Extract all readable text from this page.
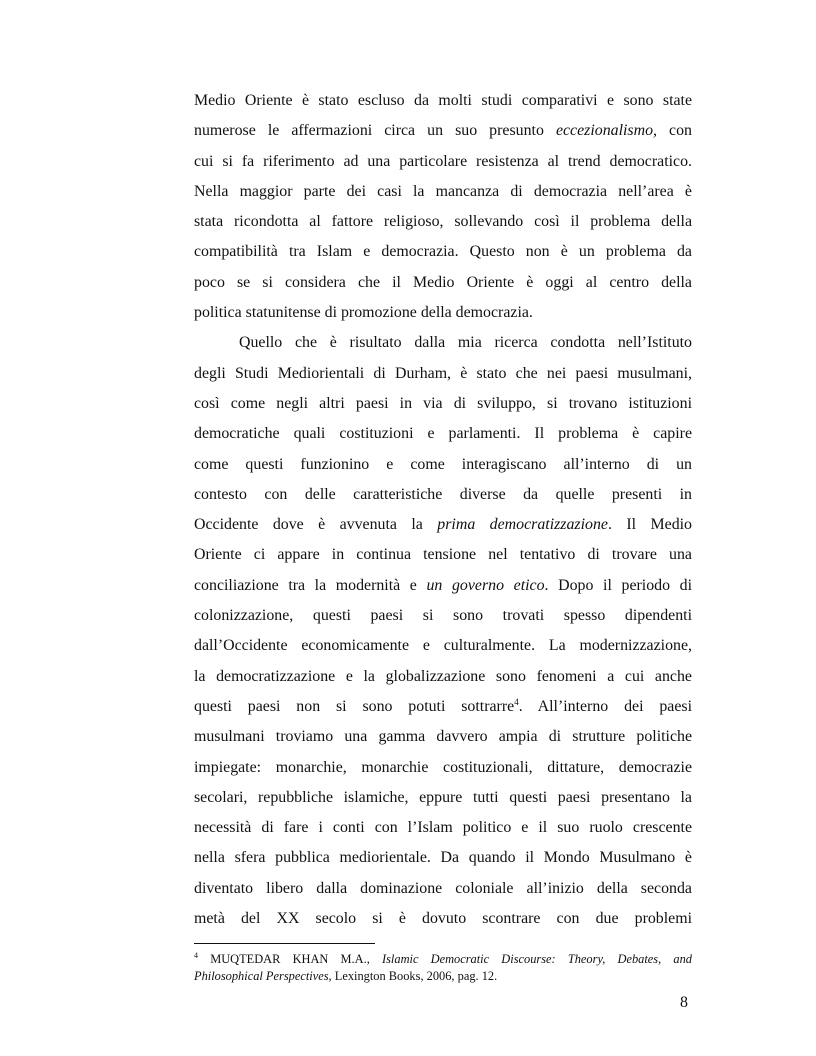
Medio Oriente è stato escluso da molti studi comparativi e sono state
numerose le affermazioni circa un suo presunto eccezionalismo, con
cui si fa riferimento ad una particolare resistenza al trend democratico.
Nella maggior parte dei casi la mancanza di democrazia nell’area è
stata ricondotta al fattore religioso, sollevando così il problema della
compatibilità tra Islam e democrazia. Questo non è un problema da
poco se si considera che il Medio Oriente è oggi al centro della
politica statunitense di promozione della democrazia.
Quello che è risultato dalla mia ricerca condotta nell’Istituto
degli Studi Mediorientali di Durham, è stato che nei paesi musulmani,
così come negli altri paesi in via di sviluppo, si trovano istituzioni
democratiche quali costituzioni e parlamenti. Il problema è capire
come questi funzionino e come interagiscano all’interno di un
contesto con delle caratteristiche diverse da quelle presenti in
Occidente dove è avvenuta la prima democratizzazione. Il Medio
Oriente ci appare in continua tensione nel tentativo di trovare una
conciliazione tra la modernità e un governo etico. Dopo il periodo di
colonizzazione, questi paesi si sono trovati spesso dipendenti
dall’Occidente economicamente e culturalmente. La modernizzazione,
la democratizzazione e la globalizzazione sono fenomeni a cui anche
questi paesi non si sono potuti sottrarre$^4$. All’interno dei paesi
musulmani troviamo una gamma davvero ampia di strutture politiche
impiegate: monarchie, monarchie costituzionali, dittature, democrazie
secolari, repubbliche islamiche, eppure tutti questi paesi presentano la
necessità di fare i conti con l’Islam politico e il suo ruolo crescente
nella sfera pubblica mediorientale. Da quando il Mondo Musulmano è
diventato libero dalla dominazione coloniale all’inizio della seconda
metà del XX secolo si è dovuto scontrare con due problemi
$^4$ MUQTEDAR KHAN M.A., Islamic Democratic Discourse: Theory, Debates, and
Philosophical Perspectives, Lexington Books, 2006, pag. 12.
8
